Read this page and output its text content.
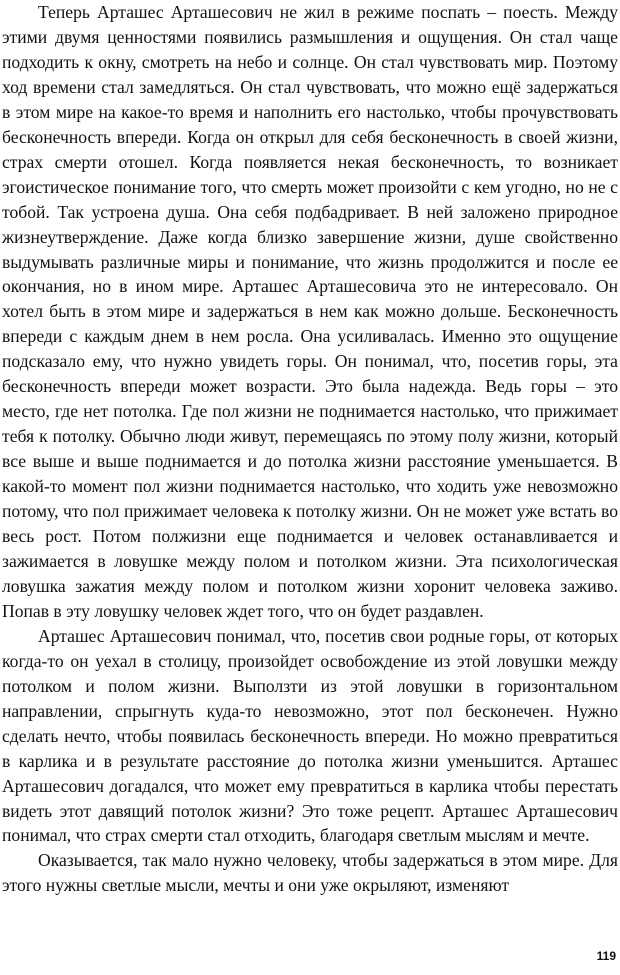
Теперь Арташес Арташесович не жил в режиме поспать – поесть. Между этими двумя ценностями появились размышления и ощущения. Он стал чаще подходить к окну, смотреть на небо и солнце. Он стал чувствовать мир. Поэтому ход времени стал замедляться. Он стал чувствовать, что можно ещё задержаться в этом мире на какое-то время и наполнить его настолько, чтобы прочувствовать бесконечность впереди. Когда он открыл для себя бесконечность в своей жизни, страх смерти отошел. Когда появляется некая бесконечность, то возникает эгоистическое понимание того, что смерть может произойти с кем угодно, но не с тобой. Так устроена душа. Она себя подбадривает. В ней заложено природное жизнеутверждение. Даже когда близко завершение жизни, душе свойственно выдумывать различные миры и понимание, что жизнь продолжится и после ее окончания, но в ином мире. Арташес Арташесовича это не интересовало. Он хотел быть в этом мире и задержаться в нем как можно дольше. Бесконечность впереди с каждым днем в нем росла. Она усиливалась. Именно это ощущение подсказало ему, что нужно увидеть горы. Он понимал, что, посетив горы, эта бесконечность впереди может возрасти. Это была надежда. Ведь горы – это место, где нет потолка. Где пол жизни не поднимается настолько, что прижимает тебя к потолку. Обычно люди живут, перемещаясь по этому полу жизни, который все выше и выше поднимается и до потолка жизни расстояние уменьшается. В какой-то момент пол жизни поднимается настолько, что ходить уже невозможно потому, что пол прижимает человека к потолку жизни. Он не может уже встать во весь рост. Потом полжизни еще поднимается и человек останавливается и зажимается в ловушке между полом и потолком жизни. Эта психологическая ловушка зажатия между полом и потолком жизни хоронит человека заживо. Попав в эту ловушку человек ждет того, что он будет раздавлен.

Арташес Арташесович понимал, что, посетив свои родные горы, от которых когда-то он уехал в столицу, произойдет освобождение из этой ловушки между потолком и полом жизни. Выползти из этой ловушки в горизонтальном направлении, спрыгнуть куда-то невозможно, этот пол бесконечен. Нужно сделать нечто, чтобы появилась бесконечность впереди. Но можно превратиться в карлика и в результате расстояние до потолка жизни уменьшится. Арташес Арташесович догадался, что может ему превратиться в карлика чтобы перестать видеть этот давящий потолок жизни? Это тоже рецепт. Арташес Арташесович понимал, что страх смерти стал отходить, благодаря светлым мыслям и мечте.

Оказывается, так мало нужно человеку, чтобы задержаться в этом мире. Для этого нужны светлые мысли, мечты и они уже окрыляют, изменяют

119
